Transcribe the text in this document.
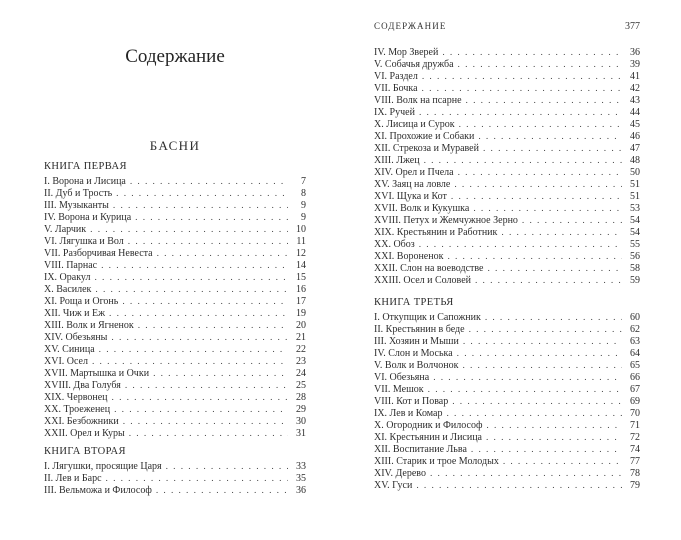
Содержание
БАСНИ
КНИГА ПЕРВАЯ
I. Ворона и Лисица . . .	7
II. Дуб и Трость . . .	8
III. Музыканты . . .	9
IV. Ворона и Курица . . .	9
V. Ларчик . . .	10
VI. Лягушка и Вол . . .	11
VII. Разборчивая Невеста . . .	12
VIII. Парнас . . .	14
IX. Оракул . . .	15
X. Василек . . .	16
XI. Роща и Огонь . . .	17
XII. Чиж и Еж . . .	19
XIII. Волк и Ягненок . . .	20
XIV. Обезьяны . . .	21
XV. Синица . . .	22
XVI. Осел . . .	23
XVII. Мартышка и Очки . . .	24
XVIII. Два Голубя . . .	25
XIX. Червонец . . .	28
XX. Троеженец . . .	29
XXI. Безбожники . . .	30
XXII. Орел и Куры . . .	31
КНИГА ВТОРАЯ
I. Лягушки, просящие Царя . . .	33
II. Лев и Барс . . .	35
III. Вельможа и Философ . . .	36
СОДЕРЖАНИЕ	377
IV. Мор Зверей . . .	36
V. Собачья дружба . . .	39
VI. Раздел . . .	41
VII. Бочка . . .	42
VIII. Волк на псарне . . .	43
IX. Ручей . . .	44
X. Лисица и Сурок . . .	45
XI. Прохожие и Собаки . . .	46
XII. Стрекоза и Муравей . . .	47
XIII. Лжец . . .	48
XIV. Орел и Пчела . . .	50
XV. Заяц на ловле . . .	51
XVI. Щука и Кот . . .	51
XVII. Волк и Кукушка . . .	53
XVIII. Петух и Жемчужное Зерно . . .	54
XIX. Крестьянин и Работник . . .	54
XX. Обоз . . .	55
XXI. Вороненок . . .	56
XXII. Слон на воеводстве . . .	58
XXIII. Осел и Соловей . . .	59
КНИГА ТРЕТЬЯ
I. Откупщик и Сапожник . . .	60
II. Крестьянин в беде . . .	62
III. Хозяин и Мыши . . .	63
IV. Слон и Моська . . .	64
V. Волк и Волчонок . . .	65
VI. Обезьяна . . .	66
VII. Мешок . . .	67
VIII. Кот и Повар . . .	69
IX. Лев и Комар . . .	70
X. Огородник и Философ . . .	71
XI. Крестьянин и Лисица . . .	72
XII. Воспитание Льва . . .	74
XIII. Старик и трое Молодых . . .	77
XIV. Дерево . . .	78
XV. Гуси . . .	79
